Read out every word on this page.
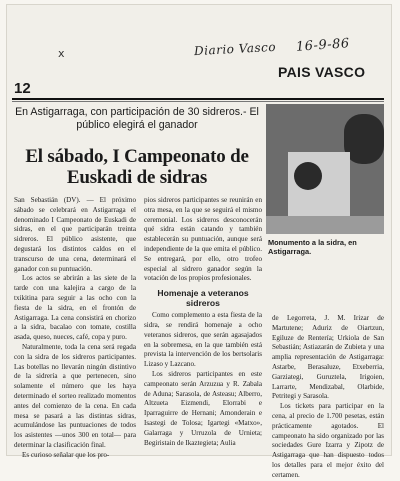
x	Diario Vasco 16-9-86
12
PAIS VASCO
En Astigarraga, con participación de 30 sidreros.- El público elegirá el ganador
El sábado, I Campeonato de Euskadi de sidras

San Sebastián (DV). — El próximo sábado se celebrará en Astigarraga el denominado I Campeonato de Euskadi de sidras, en el que participarán treinta sidreros. El público asistente, que degustará los distintos caldos en el transcurso de una cena, determinará el ganador con su puntuación.

Los actos se abrirán a las siete de la tarde con una kalejira a cargo de la txikitina para seguir a las ocho con la fiesta de la sidra, en el frontón de Astigarraga. La cena consistirá en chorizo a la sidra, bacalao con tomate, costilla asada, queso, nueces, café, copa y puro.

Naturalmente, toda la cena será regada con la sidra de los sidreros participantes. Las botellas no llevarán ningún distintivo de la sidrería a que pertenecen, sino solamente el número que les haya determinado el sorteo realizado momentos antes del comienzo de la cena. En cada mesa se pasará a las distintas sidras, acumulándose las puntuaciones de todos los asistentes —unos 300 en total— para determinar la clasificación final.

Es curioso señalar que los pro-

pios sidreros participantes se reunirán en otra mesa, en la que se seguirá el mismo ceremonial. Los sidreros desconocerán qué sidra están catando y también establecerán su puntuación, aunque será independiente de la que emita el público. Se entregará, por ello, otro trofeo especial al sidrero ganador según la votación de los propios profesionales.

Homenaje a veteranos sidreros

Como complemento a esta fiesta de la sidra, se rendirá homenaje a ocho veteranos sidreros, que serán agasajados en la sobremesa, en la que también está prevista la intervención de los bertsolaris Lizaso y Lazcano.

Los sidreros participantes en este campeonato serán Arzuzua y R. Zabala de Aduna; Sarasola, de Asteasu; Alberro, Altzueta Eizmendi, Elorrabi e Iparraguirre de Hernani; Amonderain e Isastegi de Tolosa; Igartegi «Matxo», Galarraga y Urruzola de Urnieta; Begiristain de Ikaztegieta; Aulia

Monumento a la sidra, en Astigarraga.

de Legorreta, J. M. Irizar de Martutene; Aduriz de Oiartzun, Egiluze de Rentería; Urkiola de San Sebastián; Astiazarán de Zubieta y una amplia representación de Astigarraga: Astarbe, Berasaluze, Etxeberria, Garziategi, Guruztela, Irigoien, Larrarte, Mendizabal, Olarbide, Petritegi y Sarasola.

Los tickets para participar en la cena, al precio de 1.700 pesetas, están prácticamente agotados. El campeonato ha sido organizado por las sociedades Gure Izarra y Zipotz de Astigarraga que han dispuesto todos los detalles para el mejor éxito del certamen.
